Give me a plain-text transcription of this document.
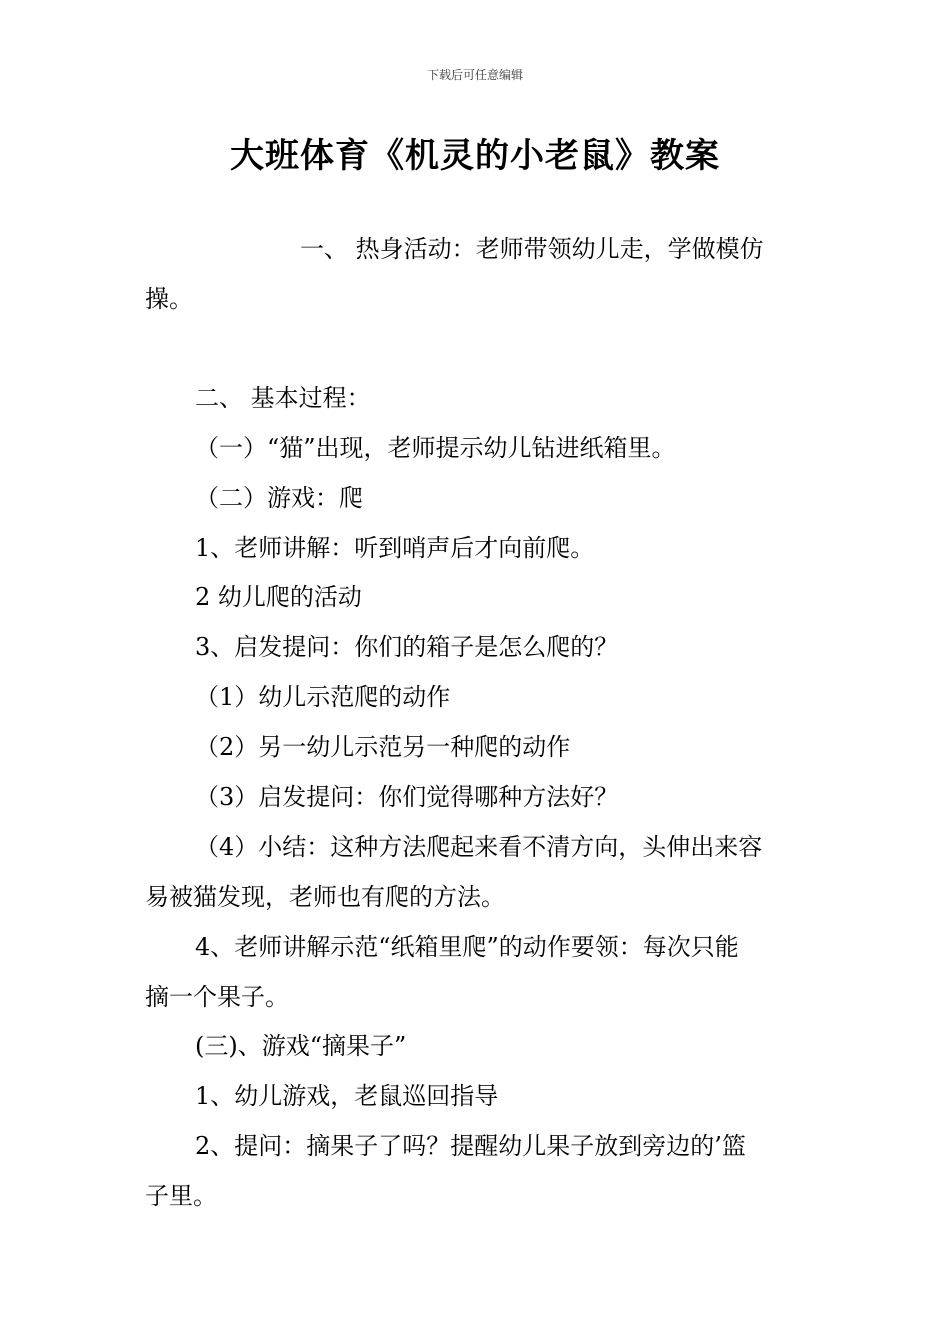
下载后可任意编辑
大班体育《机灵的小老鼠》教案
一、 热身活动：老师带领幼儿走，学做模仿
操。
二、 基本过程：
（一）“猫”出现，老师提示幼儿钻进纸箱里。
（二）游戏：爬
1、老师讲解：听到哨声后才向前爬。
2 幼儿爬的活动
3、启发提问：你们的箱子是怎么爬的？
（1）幼儿示范爬的动作
（2）另一幼儿示范另一种爬的动作
（3）启发提问：你们觉得哪种方法好？
（4）小结：这种方法爬起来看不清方向，头伸出来容
易被猫发现，老师也有爬的方法。
4、老师讲解示范“纸箱里爬”的动作要领：每次只能
摘一个果子。
(三)、游戏“摘果子”
1、幼儿游戏，老鼠巡回指导
2、提问：摘果子了吗？提醒幼儿果子放到旁边的’篮
子里。
